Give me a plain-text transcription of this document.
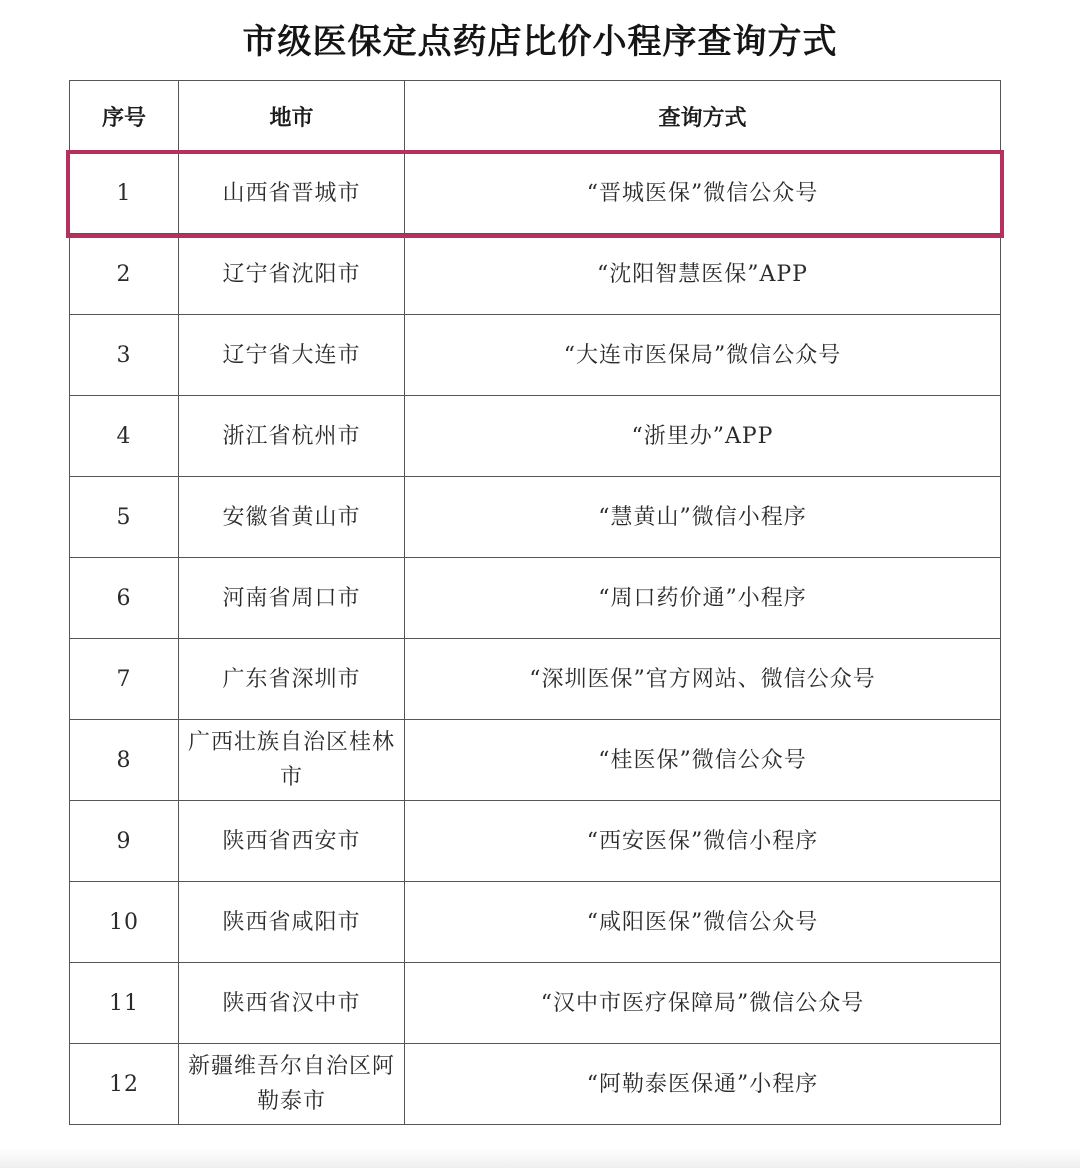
市级医保定点药店比价小程序查询方式
序号	地市	查询方式
1	山西省晋城市	“晋城医保”微信公众号
2	辽宁省沈阳市	“沈阳智慧医保”APP
3	辽宁省大连市	“大连市医保局”微信公众号
4	浙江省杭州市	“浙里办”APP
5	安徽省黄山市	“慧黄山”微信小程序
6	河南省周口市	“周口药价通”小程序
7	广东省深圳市	“深圳医保”官方网站、微信公众号
8	广西壮族自治区桂林市	“桂医保”微信公众号
9	陕西省西安市	“西安医保”微信小程序
10	陕西省咸阳市	“咸阳医保”微信公众号
11	陕西省汉中市	“汉中市医疗保障局”微信公众号
12	新疆维吾尔自治区阿勒泰市	“阿勒泰医保通”小程序
